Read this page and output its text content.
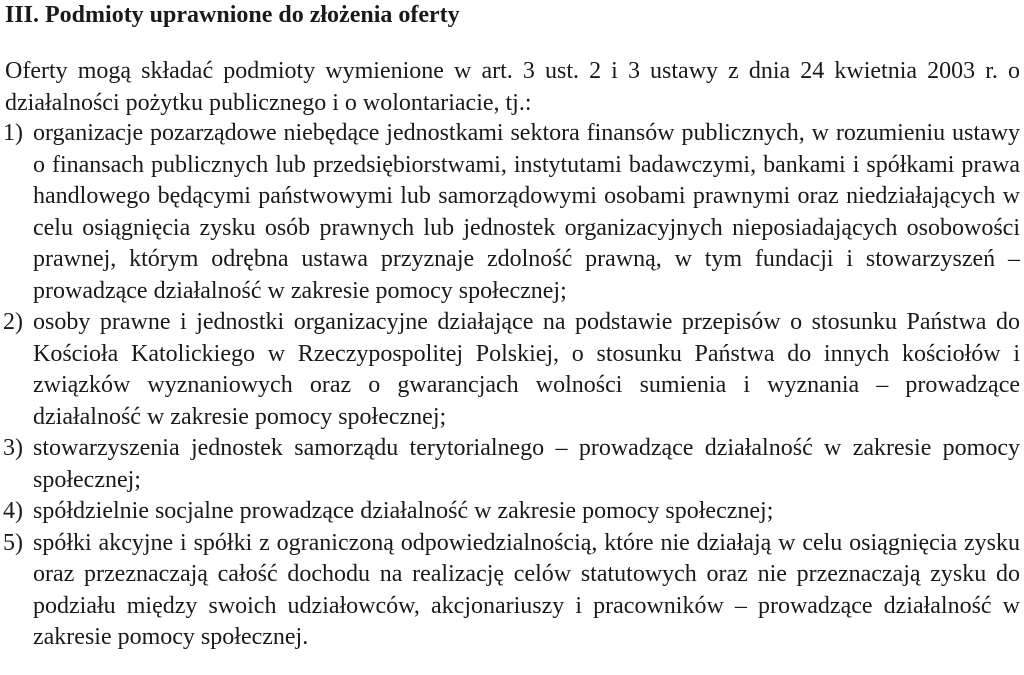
III. Podmioty uprawnione do złożenia oferty
Oferty mogą składać podmioty wymienione w art. 3 ust. 2 i 3 ustawy z dnia 24 kwietnia 2003 r. o działalności pożytku publicznego i o wolontariacie, tj.:
1) organizacje pozarządowe niebędące jednostkami sektora finansów publicznych, w rozumieniu ustawy o finansach publicznych lub przedsiębiorstwami, instytutami badawczymi, bankami i spółkami prawa handlowego będącymi państwowymi lub samorządowymi osobami prawnymi oraz niedziałających w celu osiągnięcia zysku osób prawnych lub jednostek organizacyjnych nieposiadających osobowości prawnej, którym odrębna ustawa przyznaje zdolność prawną, w tym fundacji i stowarzyszeń – prowadzące działalność w zakresie pomocy społecznej;
2) osoby prawne i jednostki organizacyjne działające na podstawie przepisów o stosunku Państwa do Kościoła Katolickiego w Rzeczypospolitej Polskiej, o stosunku Państwa do innych kościołów i związków wyznaniowych oraz o gwarancjach wolności sumienia i wyznania – prowadzące działalność w zakresie pomocy społecznej;
3) stowarzyszenia jednostek samorządu terytorialnego – prowadzące działalność w zakresie pomocy społecznej;
4) spółdzielnie socjalne prowadzące działalność w zakresie pomocy społecznej;
5) spółki akcyjne i spółki z ograniczoną odpowiedzialnością, które nie działają w celu osiągnięcia zysku oraz przeznaczają całość dochodu na realizację celów statutowych oraz nie przeznaczają zysku do podziału między swoich udziałowców, akcjonariuszy i pracowników – prowadzące działalność w zakresie pomocy społecznej.
